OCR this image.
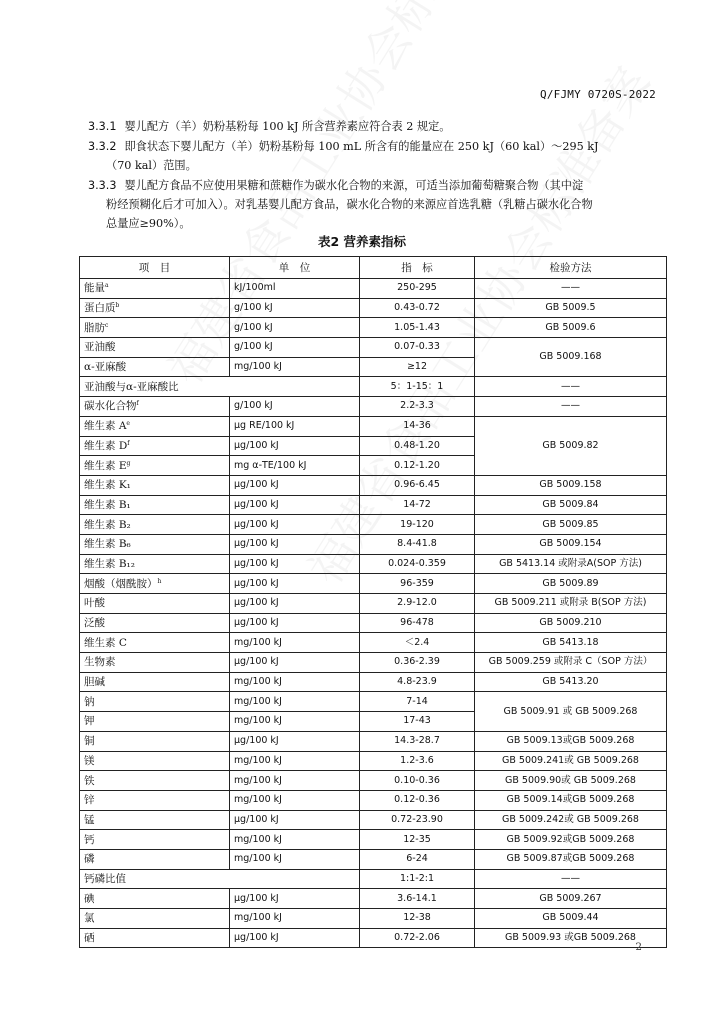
Q/FJMY 0720S-2022
3.3.1 婴儿配方（羊）奶粉基粉每 100 kJ 所含营养素应符合表 2 规定。
3.3.2 即食状态下婴儿配方（羊）奶粉基粉每 100 mL 所含有的能量应在 250 kJ（60 kal）～295 kJ
（70 kal）范围。
3.3.3 婴儿配方食品不应使用果糖和蔗糖作为碳水化合物的来源，可适当添加葡萄糖聚合物（其中淀
粉经预糊化后才可加入）。对乳基婴儿配方食品，碳水化合物的来源应首选乳糖（乳糖占碳水化合物
总量应≥90%）。
表2 营养素指标
项　目	单　位	指　标	检验方法
能量$^a$	kJ/100ml	250-295	——
蛋白质$^b$	g/100 kJ	0.43-0.72	GB 5009.5
脂肪$^c$	g/100 kJ	1.05-1.43	GB 5009.6
亚油酸	g/100 kJ	0.07-0.33	GB 5009.168
α-亚麻酸	mg/100 kJ	≥12	
亚油酸与α-亚麻酸比		5：1-15：1	——
碳水化合物$^f$	g/100 kJ	2.2-3.3	——
维生素 $A^e$	μg RE/100 kJ	14-36	GB 5009.82
维生素 $D^f$	μg/100 kJ	0.48-1.20	
维生素 $E^g$	mg α-TE/100 kJ	0.12-1.20	
维生素 K₁	μg/100 kJ	0.96-6.45	GB 5009.158
维生素 B₁	μg/100 kJ	14-72	GB 5009.84
维生素 B₂	μg/100 kJ	19-120	GB 5009.85
维生素 B₆	μg/100 kJ	8.4-41.8	GB 5009.154
维生素 B₁₂	μg/100 kJ	0.024-0.359	GB 5413.14 或附录A(SOP 方法)
烟酸（烟酰胺）$^h$	μg/100 kJ	96-359	GB 5009.89
叶酸	μg/100 kJ	2.9-12.0	GB 5009.211 或附录 B(SOP 方法)
泛酸	μg/100 kJ	96-478	GB 5009.210
维生素 C	mg/100 kJ	＜2.4	GB 5413.18
生物素	μg/100 kJ	0.36-2.39	GB 5009.259 或附录 C（SOP 方法）
胆碱	mg/100 kJ	4.8-23.9	GB 5413.20
钠	mg/100 kJ	7-14	GB 5009.91 或 GB 5009.268
钾	mg/100 kJ	17-43	
铜	μg/100 kJ	14.3-28.7	GB 5009.13或GB 5009.268
镁	mg/100 kJ	1.2-3.6	GB 5009.241或 GB 5009.268
铁	mg/100 kJ	0.10-0.36	GB 5009.90或 GB 5009.268
锌	mg/100 kJ	0.12-0.36	GB 5009.14或GB 5009.268
锰	μg/100 kJ	0.72-23.90	GB 5009.242或 GB 5009.268
钙	mg/100 kJ	12-35	GB 5009.92或GB 5009.268
磷	mg/100 kJ	6-24	GB 5009.87或GB 5009.268
钙磷比值		1:1-2:1	——
碘	μg/100 kJ	3.6-14.1	GB 5009.267
氯	mg/100 kJ	12-38	GB 5009.44
硒	μg/100 kJ	0.72-2.06	GB 5009.93 或GB 5009.268
2
